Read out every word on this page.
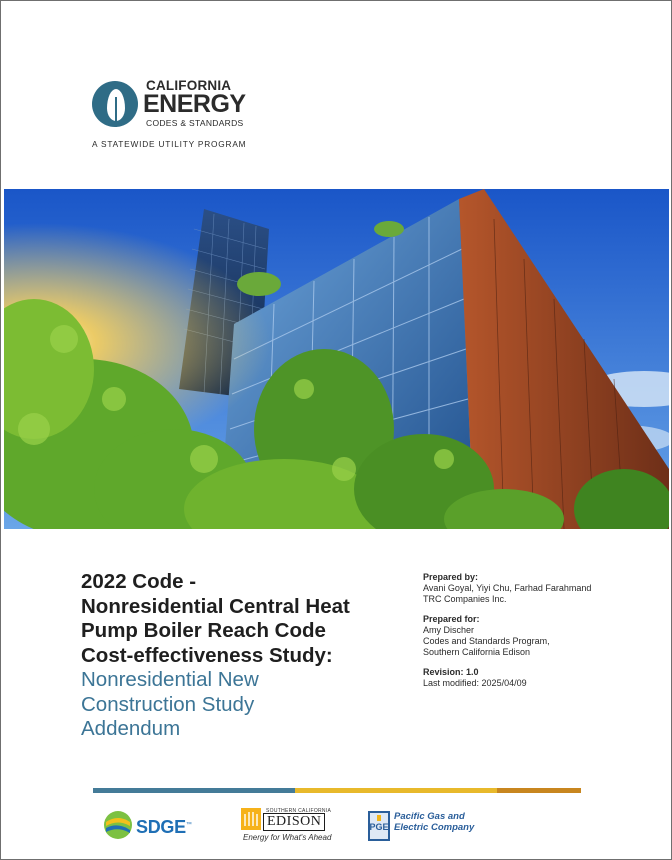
CALIFORNIA
ENERGY
CODES & STANDARDS
A STATEWIDE UTILITY PROGRAM
2022 Code -
Nonresidential Central Heat
Pump Boiler Reach Code
Cost-effectiveness Study:
Nonresidential New
Construction Study
Addendum
Prepared by:
Avani Goyal, Yiyi Chu, Farhad Farahmand
TRC Companies Inc.
Prepared for:
Amy Discher
Codes and Standards Program,
Southern California Edison
Revision: 1.0
Last modified: 2025/04/09
SDGE™
SOUTHERN CALIFORNIA
EDISON
Energy for What's Ahead
PGE
Pacific Gas and
Electric Company
